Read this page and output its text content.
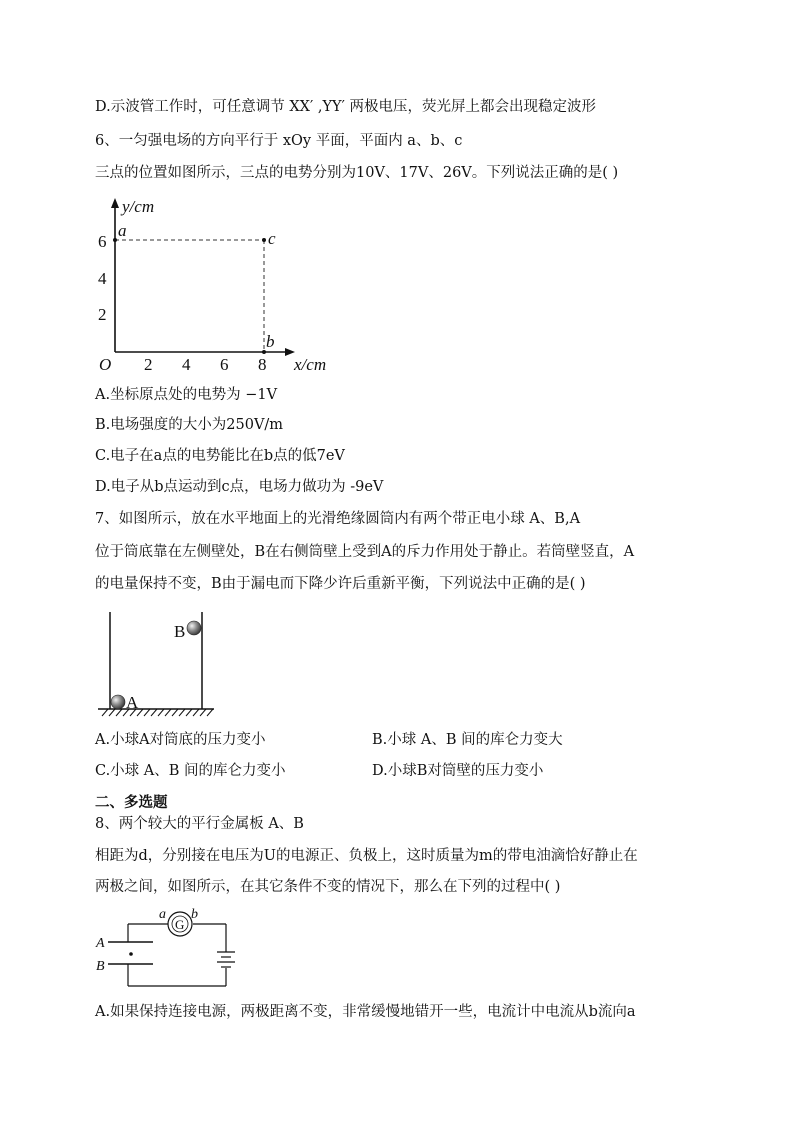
D.示波管工作时，可任意调节 XX′ ,YY′ 两极电压，荧光屏上都会出现稳定波形
6、一匀强电场的方向平行于 xOy 平面，平面内 a、b、c
三点的位置如图所示，三点的电势分别为10V、17V、26V。下列说法正确的是( )
y/cm
x/cm
O 2 4 6 8
2
4
6
a	c
b
A.坐标原点处的电势为 −1V
B.电场强度的大小为250V/m
C.电子在a点的电势能比在b点的低7eV
D.电子从b点运动到c点，电场力做功为 -9eV
7、如图所示，放在水平地面上的光滑绝缘圆筒内有两个带正电小球 A、B,A
位于筒底靠在左侧壁处，B在右侧筒壁上受到A的斥力作用处于静止。若筒壁竖直，A
的电量保持不变，B由于漏电而下降少许后重新平衡，下列说法中正确的是( )
A
B
A.小球A对筒底的压力变小	B.小球 A、B 间的库仑力变大
C.小球 A、B 间的库仑力变小	D.小球B对筒壁的压力变小
二、多选题
8、两个较大的平行金属板 A、B
相距为d，分别接在电压为U的电源正、负极上，这时质量为m的带电油滴恰好静止在
两极之间，如图所示，在其它条件不变的情况下，那么在下列的过程中( )
G
A
B
a b
A.如果保持连接电源，两极距离不变，非常缓慢地错开一些，电流计中电流从b流向a
